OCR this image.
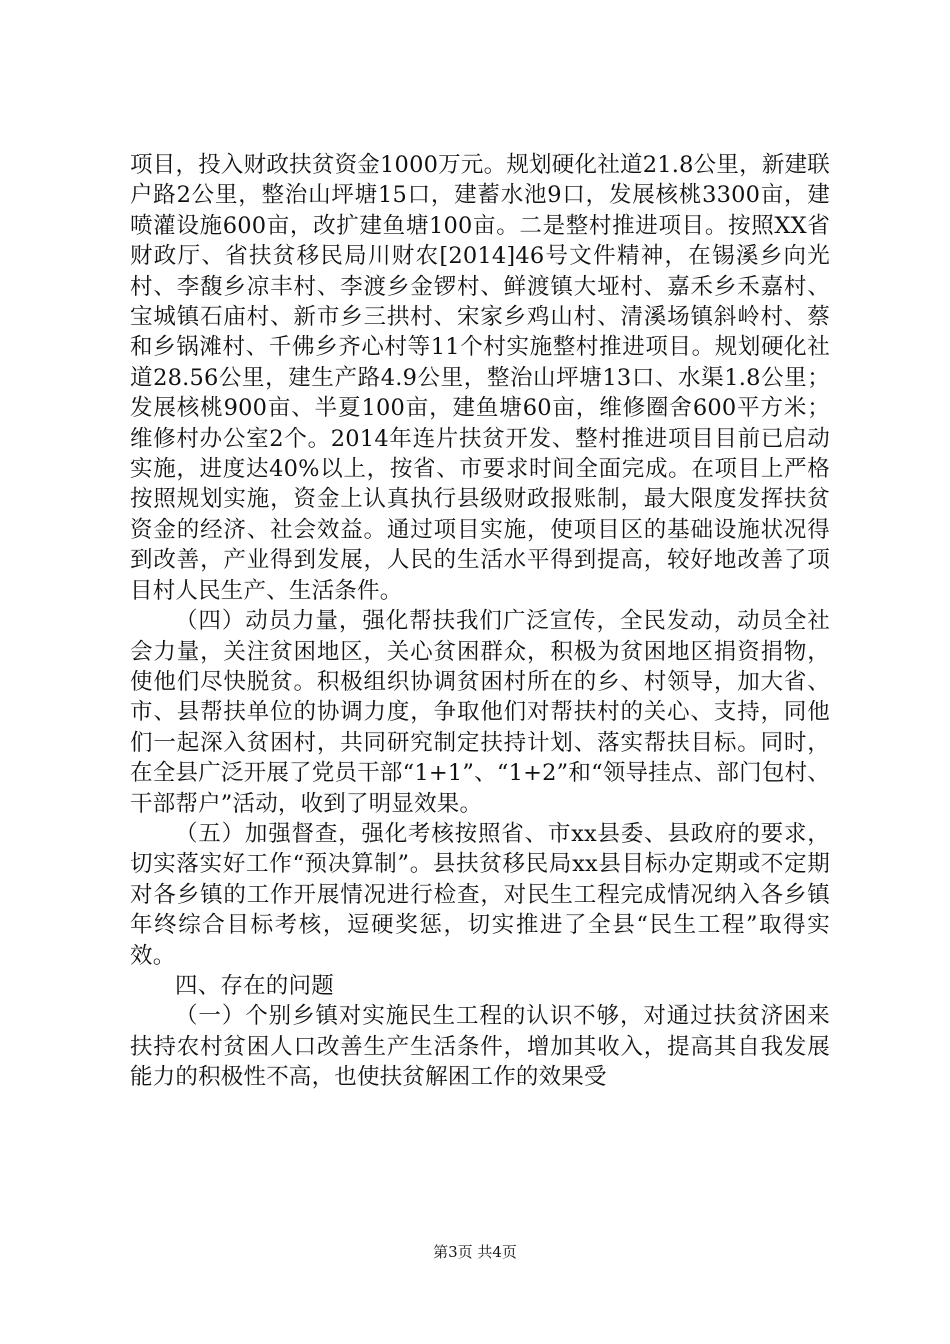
项目，投入财政扶贫资金1000万元。规划硬化社道21.8公里，新建联户路2公里，整治山坪塘15口，建蓄水池9口，发展核桃3300亩，建喷灌设施600亩，改扩建鱼塘100亩。二是整村推进项目。按照XX省财政厅、省扶贫移民局川财农[2014]46号文件精神，在锡溪乡向光村、李馥乡凉丰村、李渡乡金锣村、鲜渡镇大垭村、嘉禾乡禾嘉村、宝城镇石庙村、新市乡三拱村、宋家乡鸡山村、清溪场镇斜岭村、蔡和乡锅滩村、千佛乡齐心村等11个村实施整村推进项目。规划硬化社道28.56公里，建生产路4.9公里，整治山坪塘13口、水渠1.8公里；发展核桃900亩、半夏100亩，建鱼塘60亩，维修圈舍600平方米；维修村办公室2个。2014年连片扶贫开发、整村推进项目目前已启动实施，进度达40%以上，按省、市要求时间全面完成。在项目上严格按照规划实施，资金上认真执行县级财政报账制，最大限度发挥扶贫资金的经济、社会效益。通过项目实施，使项目区的基础设施状况得到改善，产业得到发展，人民的生活水平得到提高，较好地改善了项目村人民生产、生活条件。

（四）动员力量，强化帮扶我们广泛宣传，全民发动，动员全社会力量，关注贫困地区，关心贫困群众，积极为贫困地区捐资捐物，使他们尽快脱贫。积极组织协调贫困村所在的乡、村领导，加大省、市、县帮扶单位的协调力度，争取他们对帮扶村的关心、支持，同他们一起深入贫困村，共同研究制定扶持计划、落实帮扶目标。同时，在全县广泛开展了党员干部“1+1”、“1+2”和“领导挂点、部门包村、干部帮户”活动，收到了明显效果。

（五）加强督查，强化考核按照省、市xx县委、县政府的要求，切实落实好工作“预决算制”。县扶贫移民局xx县目标办定期或不定期对各乡镇的工作开展情况进行检查，对民生工程完成情况纳入各乡镇年终综合目标考核，逗硬奖惩，切实推进了全县“民生工程”取得实效。

四、存在的问题

（一）个别乡镇对实施民生工程的认识不够，对通过扶贫济困来扶持农村贫困人口改善生产生活条件，增加其收入，提高其自我发展能力的积极性不高，也使扶贫解困工作的效果受

第3页 共4页
